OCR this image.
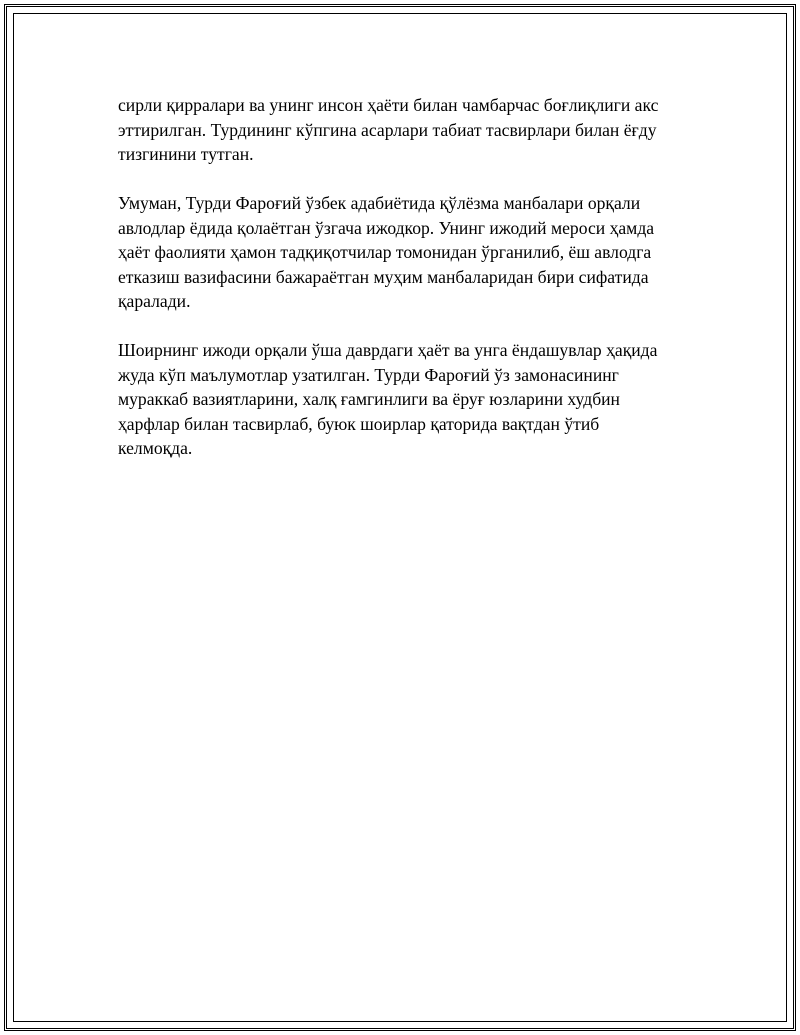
сирли қирралари ва унинг инсон ҳаёти билан чамбарчас боғлиқлиги акс
эттирилган. Турдининг кўпгина асарлари табиат тасвирлари билан ёғду
тизгинини тутган.

Умуман, Турди Фароғий ўзбек адабиётида қўлёзма манбалари орқали
авлодлар ёдида қолаётган ўзгача ижодкор. Унинг ижодий мероси ҳамда
ҳаёт фаолияти ҳамон тадқиқотчилар томонидан ўрганилиб, ёш авлодга
етказиш вазифасини бажараётган муҳим манбаларидан бири сифатида
қаралади.

Шоирнинг ижоди орқали ўша даврдаги ҳаёт ва унга ёндашувлар ҳақида
жуда кўп маълумотлар узатилган. Турди Фароғий ўз замонасининг
мураккаб вазиятларини, халқ ғамгинлиги ва ёруғ юзларини худбин
ҳарфлар билан тасвирлаб, буюк шоирлар қаторида вақтдан ўтиб
келмоқда.
